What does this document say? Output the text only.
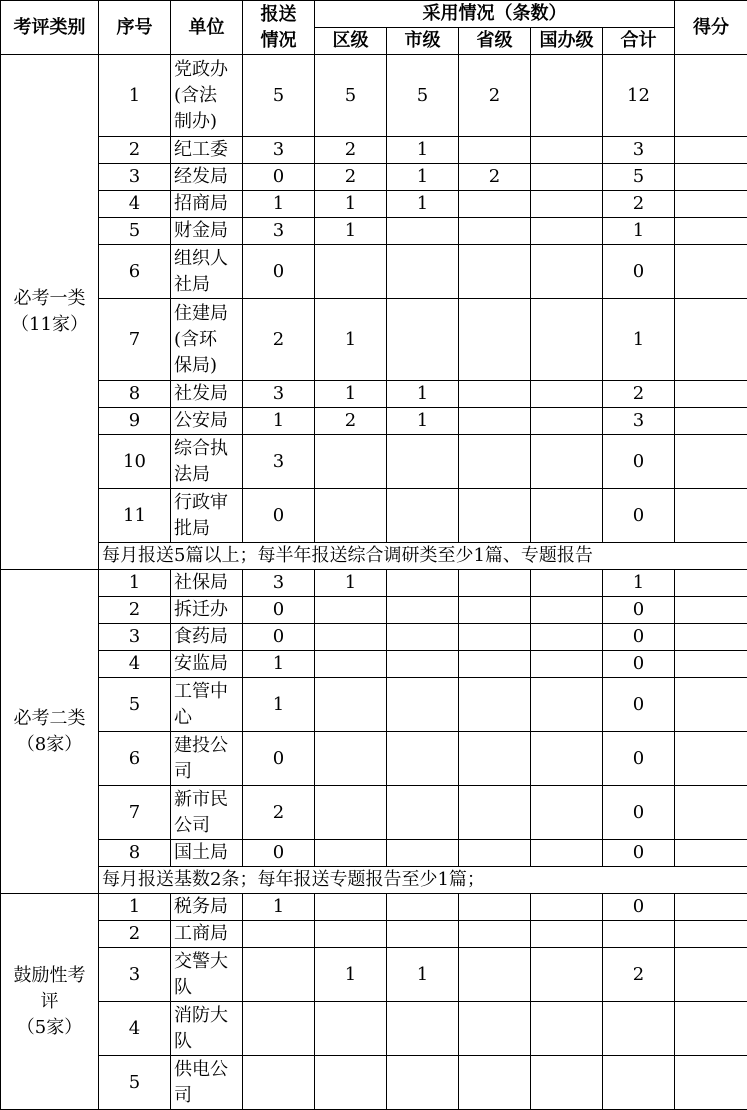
考评类别	序号	单位	报送
情况	采用情况（条数）					得分
				区级	市级	省级	国办级	合计	
必考一类
（11家）	1	党政办
(含法
制办)	5	5	5	2		12	
	2	纪工委	3	2	1			3	
	3	经发局	0	2	1	2		5	
	4	招商局	1	1	1			2	
	5	财金局	3	1				1	
	6	组织人
社局	0					0	
	7	住建局
(含环
保局)	2	1				1	
	8	社发局	3	1	1			2	
	9	公安局	1	2	1			3	
	10	综合执
法局	3					0	
	11	行政审
批局	0					0	
	每月报送5篇以上；每半年报送综合调研类至少1篇、专题报告								
必考二类
（8家）	1	社保局	3	1				1	
	2	拆迁办	0					0	
	3	食药局	0					0	
	4	安监局	1					0	
	5	工管中
心	1					0	
	6	建投公
司	0					0	
	7	新市民
公司	2					0	
	8	国土局	0					0	
	每月报送基数2条；每年报送专题报告至少1篇；								
鼓励性考
评
（5家）	1	税务局	1					0	
	2	工商局							
	3	交警大
队		1	1			2	
	4	消防大
队							
	5	供电公
司							
